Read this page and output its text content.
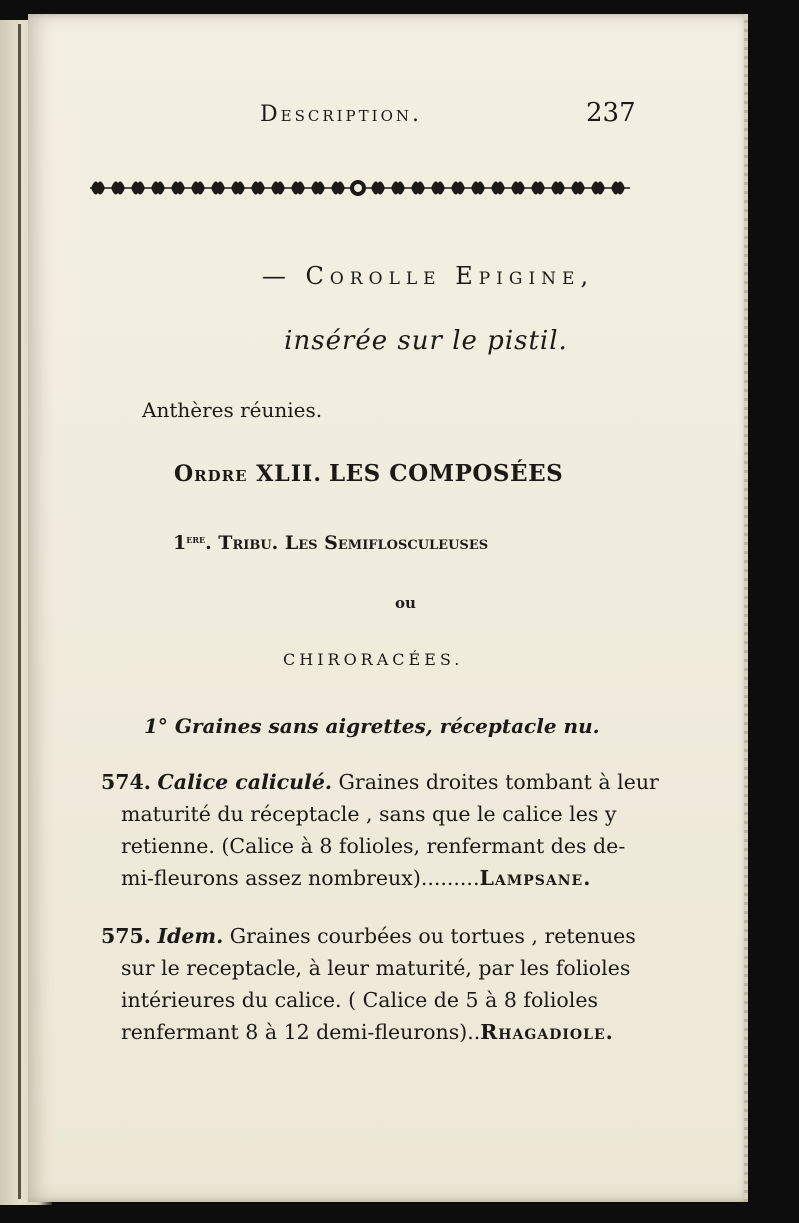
Description.	237
— Corolle Epigine,
insérée sur le pistil.
Anthères réunies.
Ordre XLII. LES COMPOSÉES
1ere. Tribu. Les Semiflosculeuses
ou
CHIRORACÉES.
1° Graines sans aigrettes, réceptacle nu.
574. Calice caliculé. Graines droites tombant à leur
maturité du réceptacle , sans que le calice les y
retienne. (Calice à 8 folioles, renfermant des de-
mi-fleurons assez nombreux).........Lampsane.
575. Idem. Graines courbées ou tortues , retenues
sur le receptacle, à leur maturité, par les folioles
intérieures du calice. ( Calice de 5 à 8 folioles
renfermant 8 à 12 demi-fleurons)..Rhagadiole.
